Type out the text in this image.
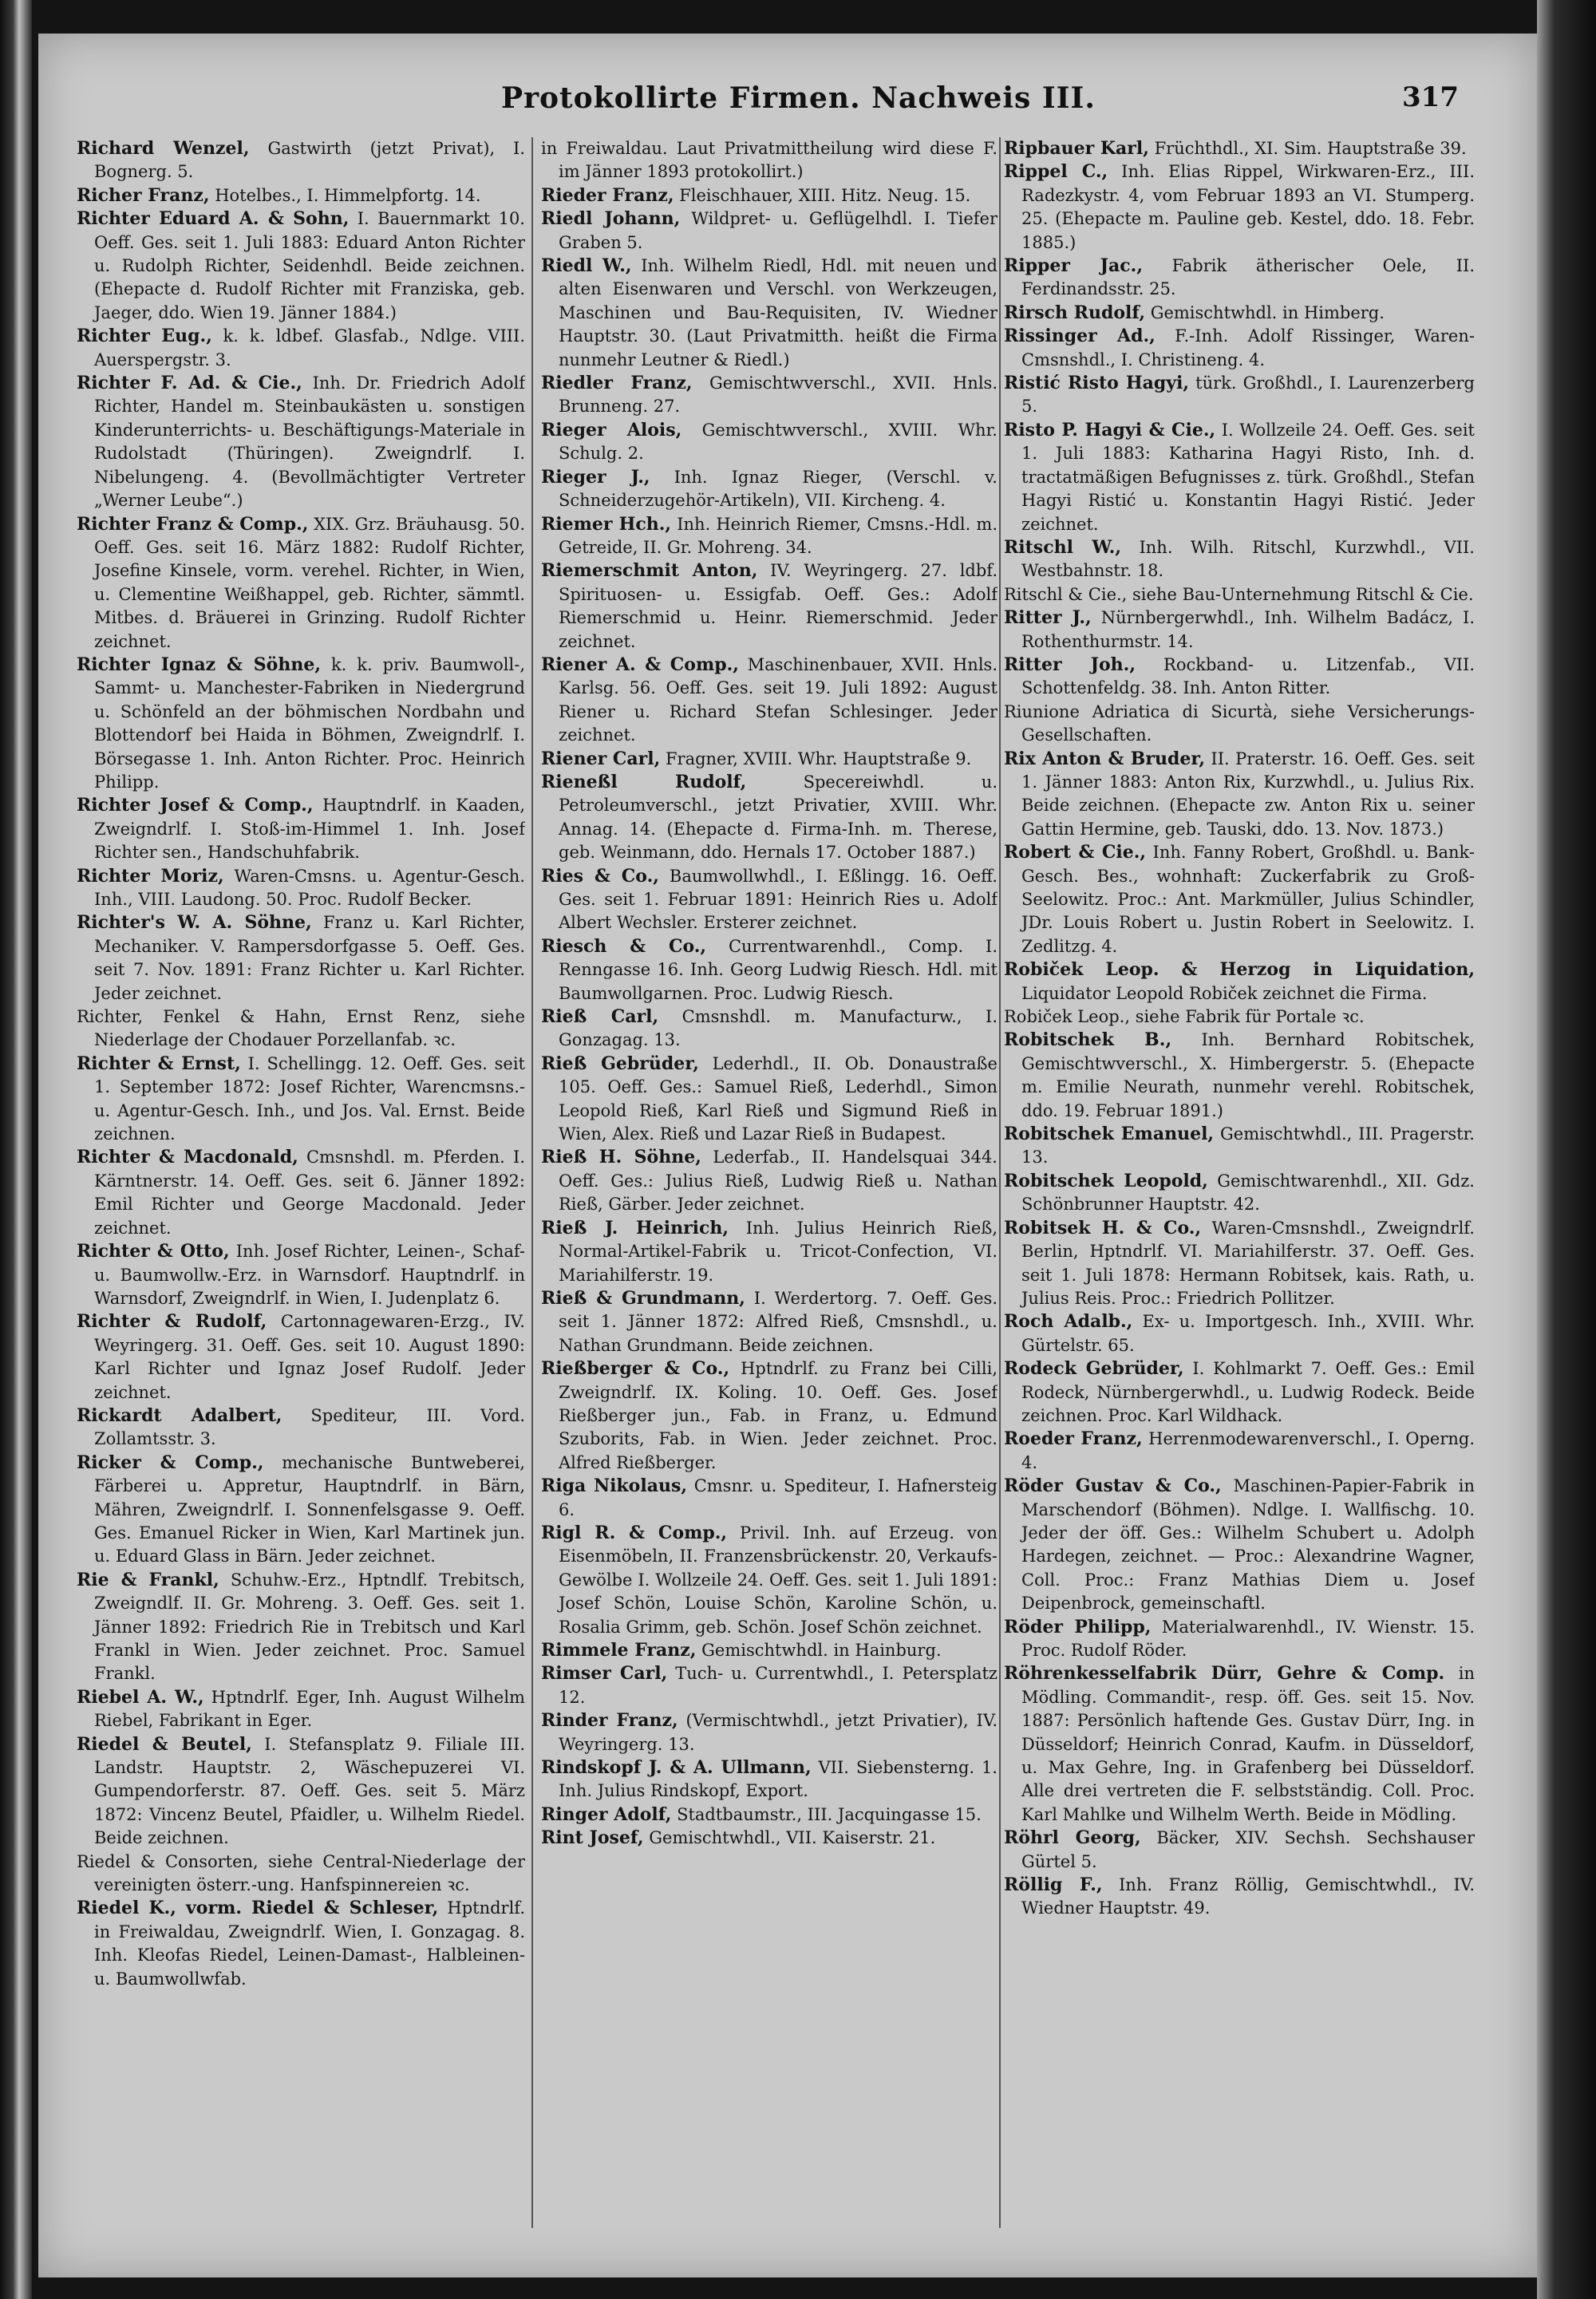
Protokollirte Firmen. Nachweis III.	317

Richard Wenzel, Gastwirth (jetzt Privat), I. Bognerg. 5.

Richer Franz, Hotelbes., I. Himmelpfortg. 14.

Richter Eduard A. & Sohn, I. Bauernmarkt 10. Oeff. Ges. seit 1. Juli 1883: Eduard Anton Richter u. Rudolph Richter, Seidenhdl. Beide zeichnen. (Ehepacte d. Rudolf Richter mit Franziska, geb. Jaeger, ddo. Wien 19. Jänner 1884.)

Richter Eug., k. k. ldbef. Glasfab., Ndlge. VIII. Auerspergstr. 3.

Richter F. Ad. & Cie., Inh. Dr. Friedrich Adolf Richter, Handel m. Steinbaukästen u. sonstigen Kinderunterrichts- u. Beschäftigungs-Materiale in Rudolstadt (Thüringen). Zweigndrlf. I. Nibelungeng. 4. (Bevollmächtigter Vertreter „Werner Leube“.)

Richter Franz & Comp., XIX. Grz. Bräuhausg. 50. Oeff. Ges. seit 16. März 1882: Rudolf Richter, Josefine Kinsele, vorm. verehel. Richter, in Wien, u. Clementine Weißhappel, geb. Richter, sämmtl. Mitbes. d. Bräuerei in Grinzing. Rudolf Richter zeichnet.

Richter Ignaz & Söhne, k. k. priv. Baumwoll-, Sammt- u. Manchester-Fabriken in Niedergrund u. Schönfeld an der böhmischen Nordbahn und Blottendorf bei Haida in Böhmen, Zweigndrlf. I. Börsegasse 1. Inh. Anton Richter. Proc. Heinrich Philipp.

Richter Josef & Comp., Hauptndrlf. in Kaaden, Zweigndrlf. I. Stoß-im-Himmel 1. Inh. Josef Richter sen., Handschuhfabrik.

Richter Moriz, Waren-Cmsns. u. Agentur-Gesch. Inh., VIII. Laudong. 50. Proc. Rudolf Becker.

Richter's W. A. Söhne, Franz u. Karl Richter, Mechaniker. V. Rampersdorfgasse 5. Oeff. Ges. seit 7. Nov. 1891: Franz Richter u. Karl Richter. Jeder zeichnet.

Richter, Fenkel & Hahn, Ernst Renz, siehe Niederlage der Chodauer Porzellanfab. ꝛc.

Richter & Ernst, I. Schellingg. 12. Oeff. Ges. seit 1. September 1872: Josef Richter, Warencmsns.- u. Agentur-Gesch. Inh., und Jos. Val. Ernst. Beide zeichnen.

Richter & Macdonald, Cmsnshdl. m. Pferden. I. Kärntnerstr. 14. Oeff. Ges. seit 6. Jänner 1892: Emil Richter und George Macdonald. Jeder zeichnet.

Richter & Otto, Inh. Josef Richter, Leinen-, Schaf- u. Baumwollw.-Erz. in Warnsdorf. Hauptndrlf. in Warnsdorf, Zweigndrlf. in Wien, I. Judenplatz 6.

Richter & Rudolf, Cartonnagewaren-Erzg., IV. Weyringerg. 31. Oeff. Ges. seit 10. August 1890: Karl Richter und Ignaz Josef Rudolf. Jeder zeichnet.

Rickardt Adalbert, Spediteur, III. Vord. Zollamtsstr. 3.

Ricker & Comp., mechanische Buntweberei, Färberei u. Appretur, Hauptndrlf. in Bärn, Mähren, Zweigndrlf. I. Sonnenfelsgasse 9. Oeff. Ges. Emanuel Ricker in Wien, Karl Martinek jun. u. Eduard Glass in Bärn. Jeder zeichnet.

Rie & Frankl, Schuhw.-Erz., Hptndlf. Trebitsch, Zweigndlf. II. Gr. Mohreng. 3. Oeff. Ges. seit 1. Jänner 1892: Friedrich Rie in Trebitsch und Karl Frankl in Wien. Jeder zeichnet. Proc. Samuel Frankl.

Riebel A. W., Hptndrlf. Eger, Inh. August Wilhelm Riebel, Fabrikant in Eger.

Riedel & Beutel, I. Stefansplatz 9. Filiale III. Landstr. Hauptstr. 2, Wäschepuzerei VI. Gumpendorferstr. 87. Oeff. Ges. seit 5. März 1872: Vincenz Beutel, Pfaidler, u. Wilhelm Riedel. Beide zeichnen.

Riedel & Consorten, siehe Central-Niederlage der vereinigten österr.-ung. Hanfspinnereien ꝛc.

Riedel K., vorm. Riedel & Schleser, Hptndrlf. in Freiwaldau, Zweigndrlf. Wien, I. Gonzagag. 8. Inh. Kleofas Riedel, Leinen-Damast-, Halbleinen- u. Baumwollwfab.

in Freiwaldau. Laut Privatmittheilung wird diese F. im Jänner 1893 protokollirt.)

Rieder Franz, Fleischhauer, XIII. Hitz. Neug. 15.

Riedl Johann, Wildpret- u. Geflügelhdl. I. Tiefer Graben 5.

Riedl W., Inh. Wilhelm Riedl, Hdl. mit neuen und alten Eisenwaren und Verschl. von Werkzeugen, Maschinen und Bau-Requisiten, IV. Wiedner Hauptstr. 30. (Laut Privatmitth. heißt die Firma nunmehr Leutner & Riedl.)

Riedler Franz, Gemischtwverschl., XVII. Hnls. Brunneng. 27.

Rieger Alois, Gemischtwverschl., XVIII. Whr. Schulg. 2.

Rieger J., Inh. Ignaz Rieger, (Verschl. v. Schneiderzugehör-Artikeln), VII. Kircheng. 4.

Riemer Hch., Inh. Heinrich Riemer, Cmsns.-Hdl. m. Getreide, II. Gr. Mohreng. 34.

Riemerschmit Anton, IV. Weyringerg. 27. ldbf. Spirituosen- u. Essigfab. Oeff. Ges.: Adolf Riemerschmid u. Heinr. Riemerschmid. Jeder zeichnet.

Riener A. & Comp., Maschinenbauer, XVII. Hnls. Karlsg. 56. Oeff. Ges. seit 19. Juli 1892: August Riener u. Richard Stefan Schlesinger. Jeder zeichnet.

Riener Carl, Fragner, XVIII. Whr. Hauptstraße 9.

Rieneßl Rudolf,	Specereiwhdl. u. Petroleumverschl., jetzt Privatier, XVIII. Whr. Annag. 14. (Ehepacte d. Firma-Inh. m. Therese, geb. Weinmann, ddo. Hernals 17. October 1887.)

Ries & Co., Baumwollwhdl., I. Eßlingg. 16. Oeff. Ges. seit 1. Februar 1891: Heinrich Ries u. Adolf Albert Wechsler. Ersterer zeichnet.

Riesch & Co., Currentwarenhdl., Comp. I. Renngasse 16. Inh. Georg Ludwig Riesch. Hdl. mit Baumwollgarnen. Proc. Ludwig Riesch.

Rieß Carl, Cmsnshdl. m. Manufacturw., I. Gonzagag. 13.

Rieß Gebrüder, Lederhdl., II. Ob. Donaustraße 105. Oeff. Ges.: Samuel Rieß, Lederhdl., Simon Leopold Rieß, Karl Rieß und Sigmund Rieß in Wien, Alex. Rieß und Lazar Rieß in Budapest.

Rieß H. Söhne, Lederfab., II. Handelsquai 344. Oeff. Ges.: Julius Rieß, Ludwig Rieß u. Nathan Rieß, Gärber. Jeder zeichnet.

Rieß J. Heinrich, Inh. Julius Heinrich Rieß, Normal-Artikel-Fabrik u. Tricot-Confection, VI. Mariahilferstr. 19.

Rieß & Grundmann, I. Werdertorg. 7. Oeff. Ges. seit 1. Jänner 1872: Alfred Rieß, Cmsnshdl., u. Nathan Grundmann. Beide zeichnen.

Rießberger & Co., Hptndrlf. zu Franz bei Cilli, Zweigndrlf. IX. Koling. 10. Oeff. Ges. Josef Rießberger jun., Fab. in Franz, u. Edmund Szuborits, Fab. in Wien. Jeder zeichnet. Proc. Alfred Rießberger.

Riga Nikolaus, Cmsnr. u. Spediteur, I. Hafnersteig 6.

Rigl R. & Comp., Privil. Inh. auf Erzeug. von Eisenmöbeln, II. Franzensbrückenstr. 20, Verkaufs-Gewölbe I. Wollzeile 24. Oeff. Ges. seit 1. Juli 1891: Josef Schön, Louise Schön, Karoline Schön, u. Rosalia Grimm, geb. Schön. Josef Schön zeichnet.

Rimmele Franz, Gemischtwhdl. in Hainburg.

Rimser Carl, Tuch- u. Currentwhdl., I. Petersplatz 12.

Rinder Franz, (Vermischtwhdl., jetzt Privatier), IV. Weyringerg. 13.

Rindskopf J. & A. Ullmann, VII. Siebensterng. 1. Inh. Julius Rindskopf, Export.

Ringer Adolf, Stadtbaumstr., III. Jacquingasse 15.

Rint Josef, Gemischtwhdl., VII. Kaiserstr. 21.

Ripbauer Karl, Früchthdl., XI. Sim. Hauptstraße 39.

Rippel C., Inh. Elias Rippel, Wirkwaren-Erz., III. Radezkystr. 4, vom Februar 1893 an VI. Stumperg. 25. (Ehepacte m. Pauline geb. Kestel, ddo. 18. Febr. 1885.)

Ripper Jac., Fabrik ätherischer Oele, II. Ferdinandsstr. 25.

Rirsch Rudolf, Gemischtwhdl. in Himberg.

Rissinger Ad., F.-Inh. Adolf Rissinger, Waren-Cmsnshdl., I. Christineng. 4.

Ristić Risto Hagyi, türk. Großhdl., I. Laurenzerberg 5.

Risto P. Hagyi & Cie., I. Wollzeile 24. Oeff. Ges. seit 1. Juli 1883: Katharina Hagyi Risto, Inh. d. tractatmäßigen Befugnisses z. türk. Großhdl., Stefan Hagyi Ristić u. Konstantin Hagyi Ristić. Jeder zeichnet.

Ritschl W., Inh. Wilh. Ritschl, Kurzwhdl., VII. Westbahnstr. 18.

Ritschl & Cie., siehe Bau-Unternehmung Ritschl & Cie.

Ritter J., Nürnbergerwhdl., Inh. Wilhelm Badácz, I. Rothenthurmstr. 14.

Ritter Joh., Rockband- u. Litzenfab., VII. Schottenfeldg. 38. Inh. Anton Ritter.

Riunione Adriatica di Sicurtà, siehe Versicherungs-Gesellschaften.

Rix Anton & Bruder, II. Praterstr. 16. Oeff. Ges. seit 1. Jänner 1883: Anton Rix, Kurzwhdl., u. Julius Rix. Beide zeichnen. (Ehepacte zw. Anton Rix u. seiner Gattin Hermine, geb. Tauski, ddo. 13. Nov. 1873.)

Robert & Cie., Inh. Fanny Robert, Großhdl. u. Bank-Gesch. Bes., wohnhaft: Zuckerfabrik zu Groß-Seelowitz. Proc.: Ant. Markmüller, Julius Schindler, JDr. Louis Robert u. Justin Robert in Seelowitz. I. Zedlitzg. 4.

Robiček Leop. & Herzog in Liquidation, Liquidator Leopold Robiček zeichnet die Firma.

Robiček Leop., siehe Fabrik für Portale ꝛc.

Robitschek B., Inh. Bernhard Robitschek, Gemischtwverschl., X. Himbergerstr. 5. (Ehepacte m. Emilie Neurath, nunmehr verehl. Robitschek, ddo. 19. Februar 1891.)

Robitschek Emanuel, Gemischtwhdl., III. Pragerstr. 13.

Robitschek Leopold, Gemischtwarenhdl., XII. Gdz. Schönbrunner Hauptstr. 42.

Robitsek H. & Co., Waren-Cmsnshdl., Zweigndrlf. Berlin, Hptndrlf. VI. Mariahilferstr. 37. Oeff. Ges. seit 1. Juli 1878: Hermann Robitsek, kais. Rath, u. Julius Reis. Proc.: Friedrich Pollitzer.

Roch Adalb., Ex- u. Importgesch. Inh., XVIII. Whr. Gürtelstr. 65.

Rodeck Gebrüder, I. Kohlmarkt 7. Oeff. Ges.: Emil Rodeck, Nürnbergerwhdl., u. Ludwig Rodeck. Beide zeichnen. Proc. Karl Wildhack.

Roeder Franz, Herrenmodewarenverschl., I. Operng. 4.

Röder Gustav & Co., Maschinen-Papier-Fabrik in Marschendorf (Böhmen). Ndlge. I. Wallfischg. 10. Jeder der öff. Ges.: Wilhelm Schubert u. Adolph Hardegen, zeichnet. — Proc.: Alexandrine Wagner, Coll. Proc.: Franz Mathias Diem u. Josef Deipenbrock, gemeinschaftl.

Röder Philipp, Materialwarenhdl., IV. Wienstr. 15. Proc. Rudolf Röder.

Röhrenkesselfabrik Dürr, Gehre & Comp. in Mödling. Commandit-, resp. öff. Ges. seit 15. Nov. 1887: Persönlich haftende Ges. Gustav Dürr, Ing. in Düsseldorf; Heinrich Conrad, Kaufm. in Düsseldorf, u. Max Gehre, Ing. in Grafenberg bei Düsseldorf. Alle drei vertreten die F. selbstständig. Coll. Proc. Karl Mahlke und Wilhelm Werth. Beide in Mödling.

Röhrl Georg, Bäcker, XIV. Sechsh. Sechshauser Gürtel 5.

Röllig F., Inh. Franz Röllig, Gemischtwhdl., IV. Wiedner Hauptstr. 49.
